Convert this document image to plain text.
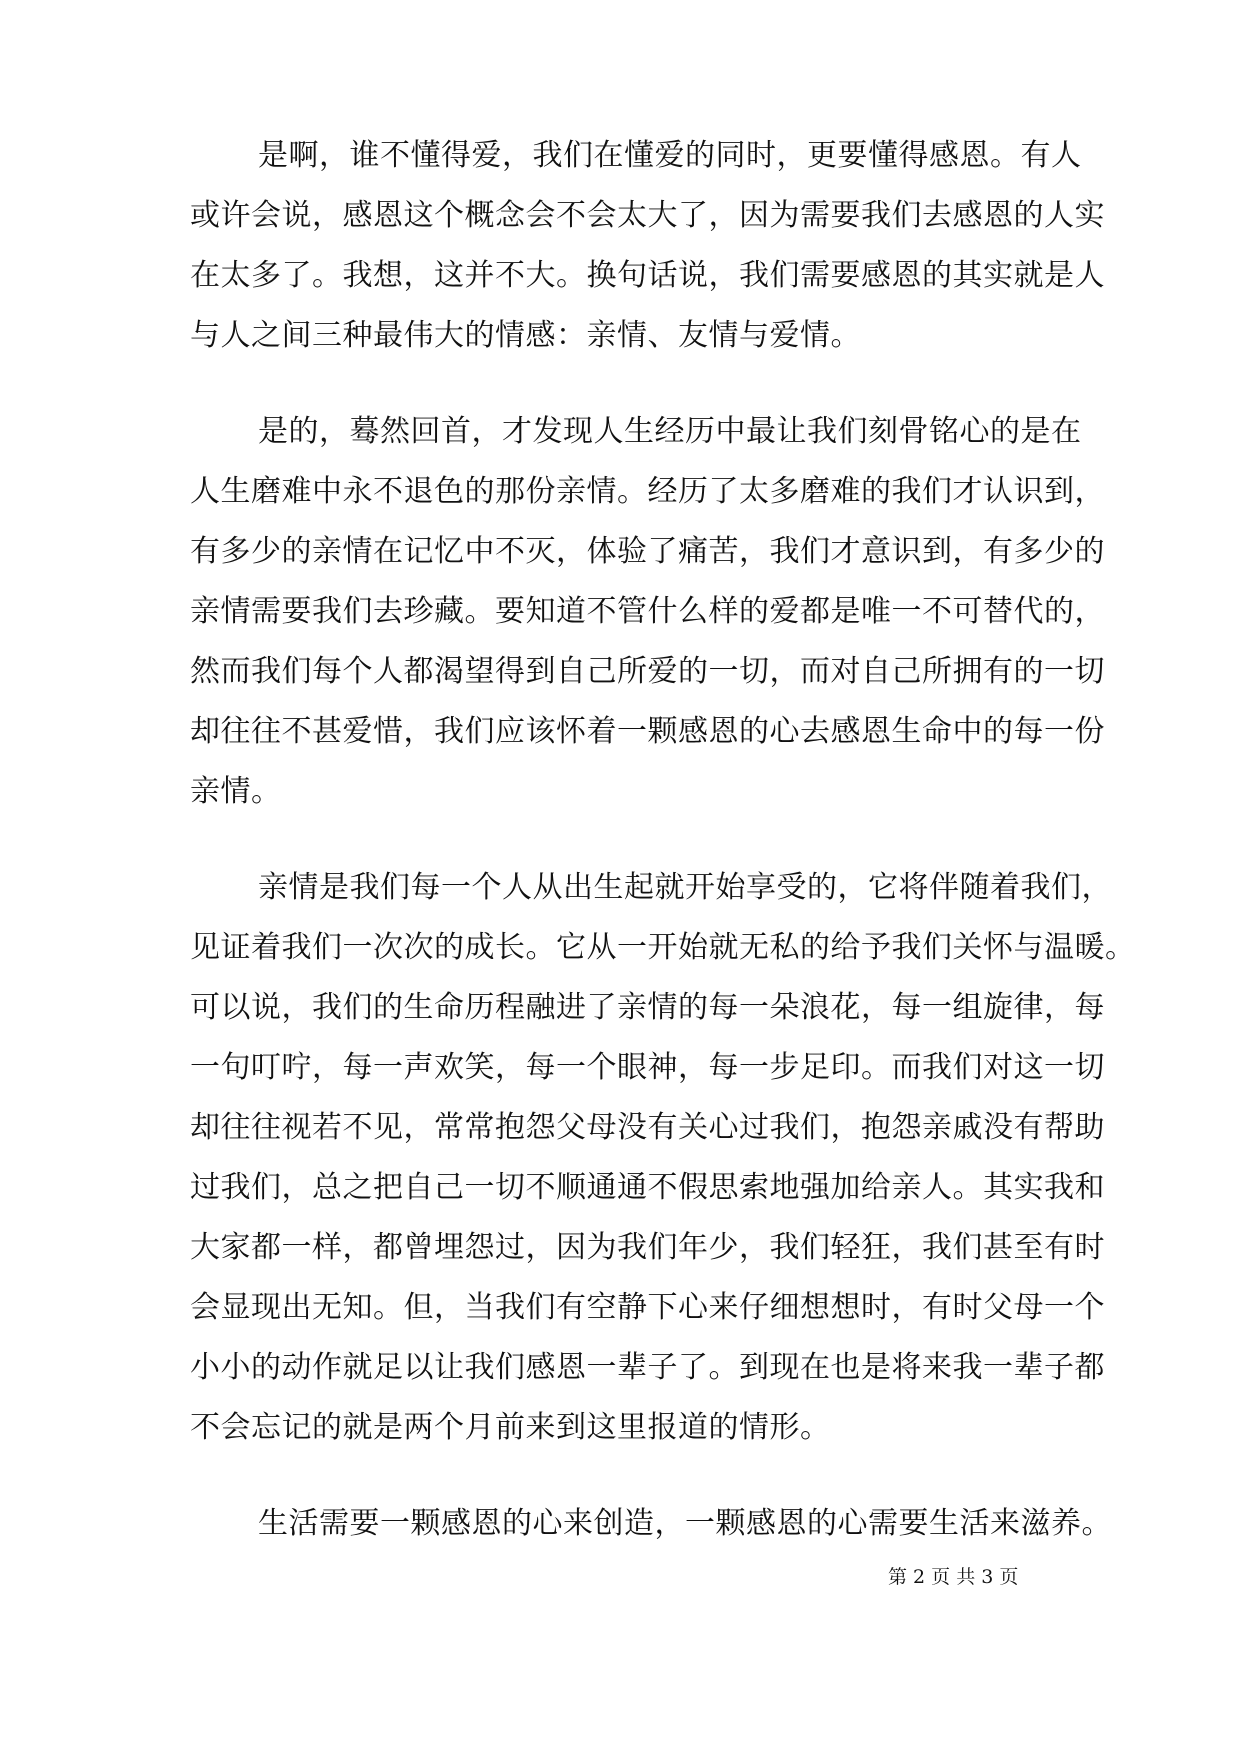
是啊，谁不懂得爱，我们在懂爱的同时，更要懂得感恩。有人
或许会说，感恩这个概念会不会太大了，因为需要我们去感恩的人实
在太多了。我想，这并不大。换句话说，我们需要感恩的其实就是人
与人之间三种最伟大的情感：亲情、友情与爱情。
是的，蓦然回首，才发现人生经历中最让我们刻骨铭心的是在
人生磨难中永不退色的那份亲情。经历了太多磨难的我们才认识到，
有多少的亲情在记忆中不灭，体验了痛苦，我们才意识到，有多少的
亲情需要我们去珍藏。要知道不管什么样的爱都是唯一不可替代的，
然而我们每个人都渴望得到自己所爱的一切，而对自己所拥有的一切
却往往不甚爱惜，我们应该怀着一颗感恩的心去感恩生命中的每一份
亲情。
亲情是我们每一个人从出生起就开始享受的，它将伴随着我们，
见证着我们一次次的成长。它从一开始就无私的给予我们关怀与温暖。
可以说，我们的生命历程融进了亲情的每一朵浪花，每一组旋律，每
一句叮咛，每一声欢笑，每一个眼神，每一步足印。而我们对这一切
却往往视若不见，常常抱怨父母没有关心过我们，抱怨亲戚没有帮助
过我们，总之把自己一切不顺通通不假思索地强加给亲人。其实我和
大家都一样，都曾埋怨过，因为我们年少，我们轻狂，我们甚至有时
会显现出无知。但，当我们有空静下心来仔细想想时，有时父母一个
小小的动作就足以让我们感恩一辈子了。到现在也是将来我一辈子都
不会忘记的就是两个月前来到这里报道的情形。
生活需要一颗感恩的心来创造，一颗感恩的心需要生活来滋养。
第 2 页 共 3 页
